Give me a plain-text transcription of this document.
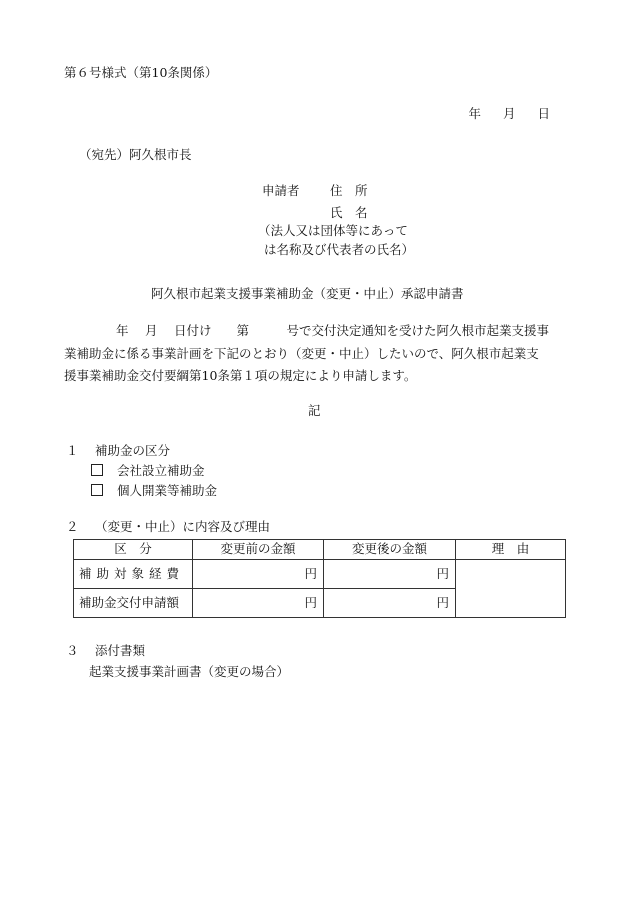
第６号様式（第10条関係）
年 月 日
（宛先）阿久根市長
申請者 住　所
氏　名
（法人又は団体等にあって
は名称及び代表者の氏名）
阿久根市起業支援事業補助金（変更・中止）承認申請書
年　 月　 日付け　　第　　　号で交付決定通知を受けた阿久根市起業支援事
業補助金に係る事業計画を下記のとおり（変更・中止）したいので、阿久根市起業支
援事業補助金交付要綱第10条第１項の規定により申請します。
記
１　 補助金の区分
会社設立補助金
個人開業等補助金
２　 （変更・中止）に内容及び理由
区　分	変更前の金額	変更後の金額	理　由
補助対象経費	円	円	
補助金交付申請額	円	円	
３　 添付書類
起業支援事業計画書（変更の場合）
